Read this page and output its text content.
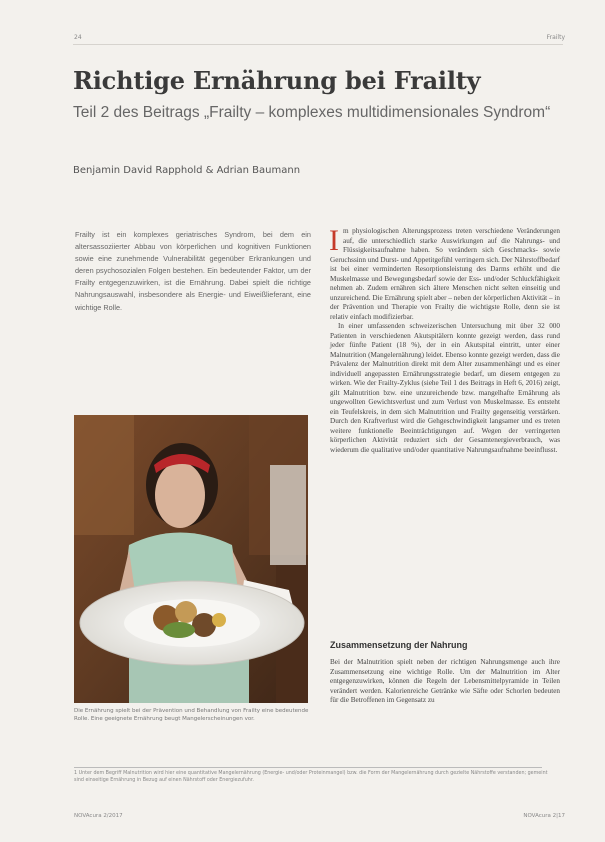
24	Frailty
Richtige Ernährung bei Frailty
Teil 2 des Beitrags „Frailty – komplexes multidimensionales Syndrom“
Benjamin David Rapphold & Adrian Baumann
Frailty ist ein komplexes geriatrisches Syndrom, bei dem ein altersassoziierter Abbau von körperlichen und kognitiven Funktionen sowie eine zunehmende Vulnerabilität gegenüber Erkrankungen und deren psychosozialen Folgen bestehen. Ein bedeutender Faktor, um der Frailty entgegenzuwirken, ist die Ernährung. Dabei spielt die richtige Nahrungsauswahl, insbesondere als Energie- und Eiweißlieferant, eine wichtige Rolle.
Die Ernährung spielt bei der Prävention und Behandlung von Frailty eine bedeutende Rolle. Eine geeignete Ernährung beugt Mangelerscheinungen vor.
Im physiologischen Alterungsprozess treten verschiedene Veränderungen auf, die unterschiedlich starke Auswirkungen auf die Nahrungs- und Flüssigkeitsaufnahme haben. So verändern sich Geschmacks- sowie Geruchssinn und Durst- und Appetitgefühl verringern sich. Der Nährstoffbedarf ist bei einer verminderten Resorptionsleistung des Darms erhöht und die Muskelmasse und Bewegungsbedarf sowie der Ess- und/oder Schluckfähigkeit nehmen ab. Zudem ernähren sich ältere Menschen nicht selten einseitig und unzureichend. Die Ernährung spielt aber – neben der körperlichen Aktivität – in der Prävention und Therapie von Frailty die wichtigste Rolle, denn sie ist relativ einfach modifizierbar.
In einer umfassenden schweizerischen Untersuchung mit über 32 000 Patienten in verschiedenen Akutspitälern konnte gezeigt werden, dass rund jeder fünfte Patient (18 %), der in ein Akutspital eintritt, unter einer Malnutrition (Mangelernährung) leidet. Ebenso konnte gezeigt werden, dass die Prävalenz der Malnutrition direkt mit dem Alter zusammenhängt und es einer individuell angepassten Ernährungsstrategie bedarf, um diesem entgegen zu wirken. Wie der Frailty-Zyklus (siehe Teil 1 des Beitrags in Heft 6, 2016) zeigt, gilt Malnutrition bzw. eine unzureichende bzw. mangelhafte Ernährung als ungewollten Gewichtsverlust und zum Verlust von Muskelmasse. Es entsteht ein Teufelskreis, in dem sich Malnutrition und Frailty gegenseitig verstärken. Durch den Kraftverlust wird die Gehgeschwindigkeit langsamer und es treten weitere funktionelle Beeinträchtigungen auf. Wegen der verringerten körperlichen Aktivität reduziert sich der Gesamtenergieverbrauch, was wiederum die qualitative und/oder quantitative Nahrungsaufnahme beeinflusst.
Zusammensetzung der Nahrung
Bei der Malnutrition spielt neben der richtigen Nahrungsmenge auch ihre Zusammensetzung eine wichtige Rolle. Um der Malnutrition im Alter entgegenzuwirken, können die Regeln der Lebensmittelpyramide in Teilen verändert werden. Kalorienreiche Getränke wie Säfte oder Schorlen bedeuten für die Betroffenen im Gegensatz zu
1 Unter dem Begriff Malnutrition wird hier eine quantitative Mangelernährung (Energie- und/oder Proteinmangel) bzw. die Form der Mangelernährung durch gezielte Nährstoffe verstanden; gemeint sind einseitige Ernährung in Bezug auf einen Nährstoff oder Energiezufuhr.
NOVAcura 2/2017	NOVAcura 2|17
